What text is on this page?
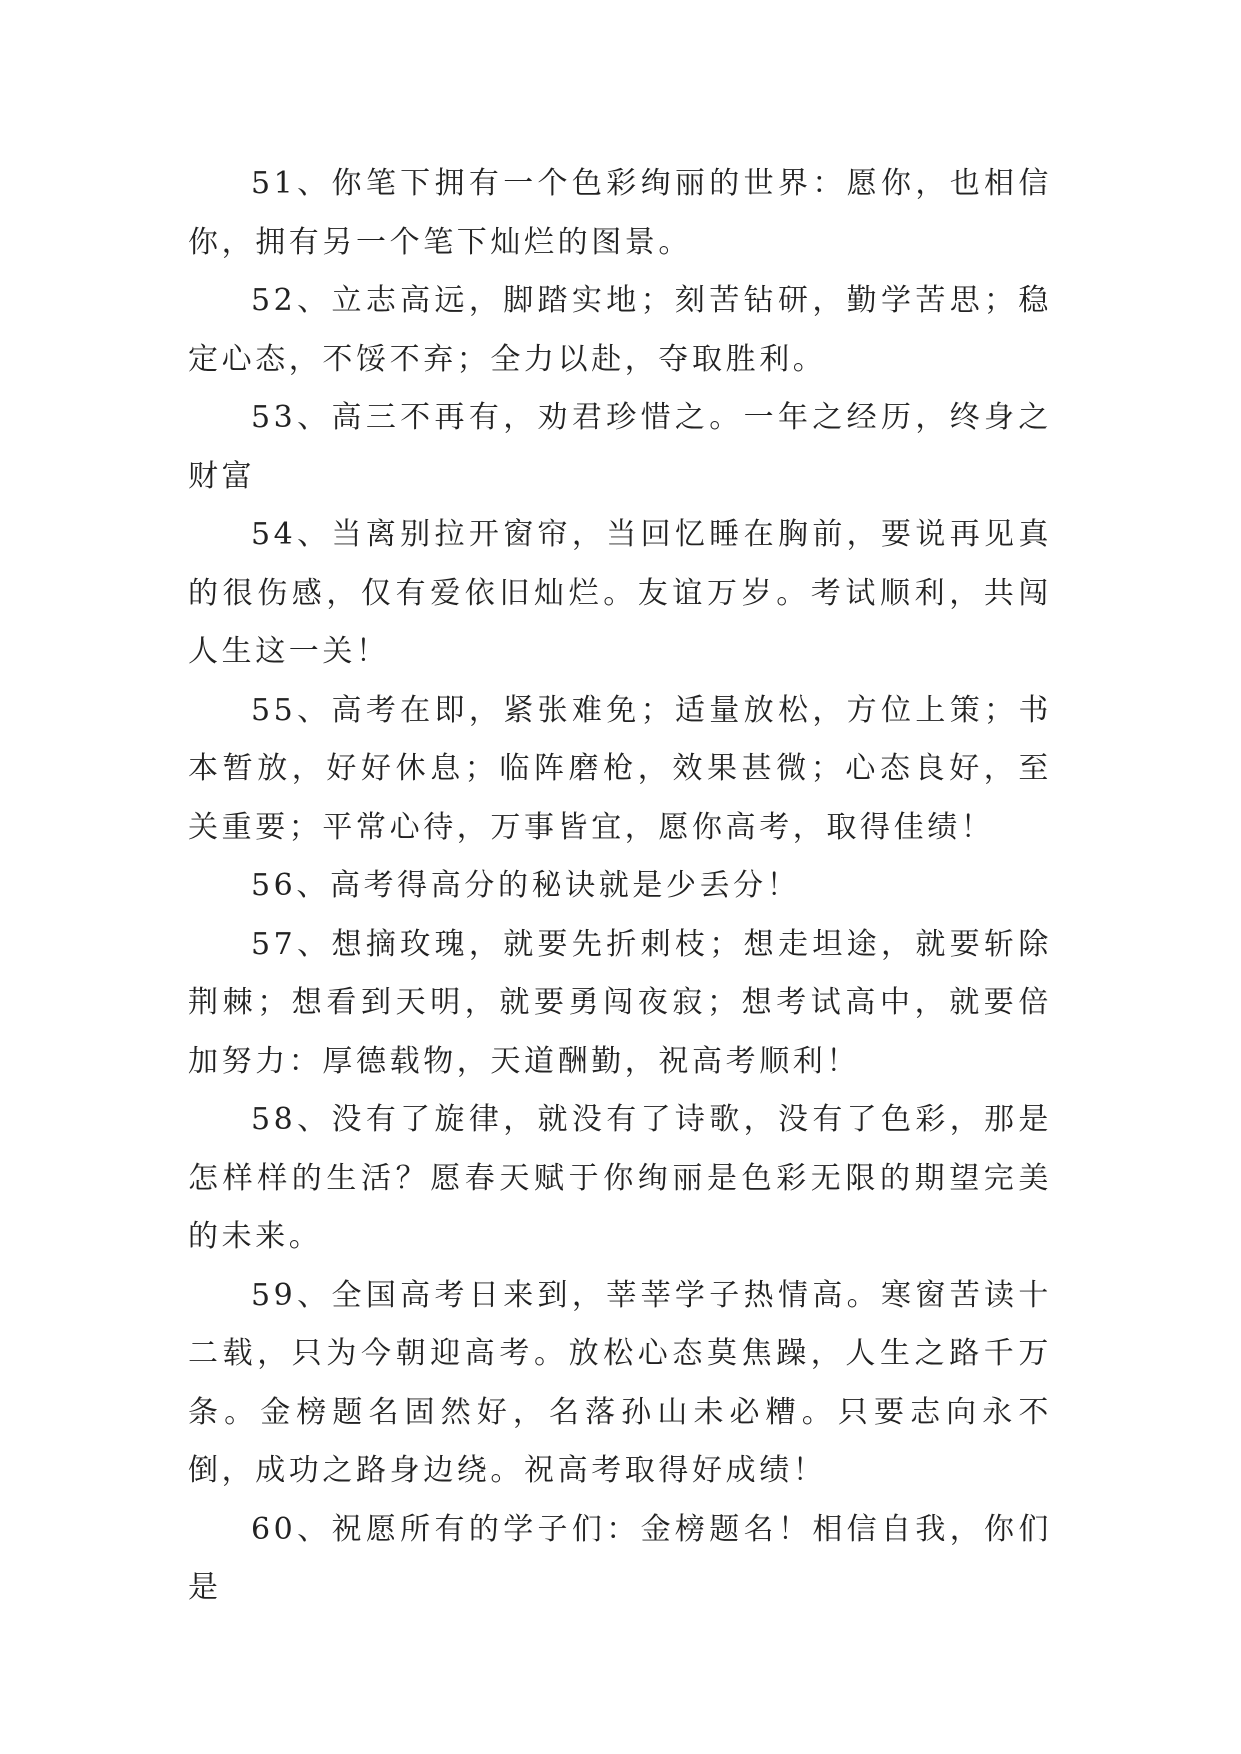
51、你笔下拥有一个色彩绚丽的世界：愿你，也相信你，拥有另一个笔下灿烂的图景。

52、立志高远，脚踏实地；刻苦钻研，勤学苦思；稳定心态，不馁不弃；全力以赴，夺取胜利。

53、高三不再有，劝君珍惜之。一年之经历，终身之财富

54、当离别拉开窗帘，当回忆睡在胸前，要说再见真的很伤感，仅有爱依旧灿烂。友谊万岁。考试顺利，共闯人生这一关！

55、高考在即，紧张难免；适量放松，方位上策；书本暂放，好好休息；临阵磨枪，效果甚微；心态良好，至关重要；平常心待，万事皆宜，愿你高考，取得佳绩！

56、高考得高分的秘诀就是少丢分！

57、想摘玫瑰，就要先折刺枝；想走坦途，就要斩除荆棘；想看到天明，就要勇闯夜寂；想考试高中，就要倍加努力：厚德载物，天道酬勤，祝高考顺利！

58、没有了旋律，就没有了诗歌，没有了色彩，那是怎样样的生活？愿春天赋于你绚丽是色彩无限的期望完美的未来。

59、全国高考日来到，莘莘学子热情高。寒窗苦读十二载，只为今朝迎高考。放松心态莫焦躁，人生之路千万条。金榜题名固然好，名落孙山未必糟。只要志向永不倒，成功之路身边绕。祝高考取得好成绩！

60、祝愿所有的学子们：金榜题名！相信自我，你们是
